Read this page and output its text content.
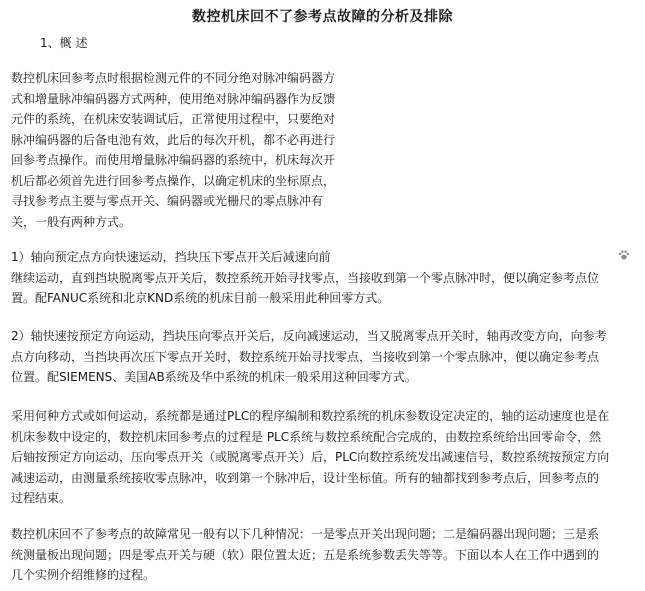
数控机床回不了参考点故障的分析及排除
1、概 述
数控机床回参考点时根据检测元件的不同分绝对脉冲编码器方
式和增量脉冲编码器方式两种，使用绝对脉冲编码器作为反馈
元件的系统，在机床安装调试后，正常使用过程中，只要绝对
脉冲编码器的后备电池有效，此后的每次开机，都不必再进行
回参考点操作。而使用增量脉冲编码器的系统中，机床每次开
机后都必须首先进行回参考点操作，以确定机床的坐标原点，
寻找参考点主要与零点开关、编码器或光栅尺的零点脉冲有
关，一般有两种方式。
1）轴向预定点方向快速运动，挡块压下零点开关后减速向前
继续运动，直到挡块脱离零点开关后，数控系统开始寻找零点，当接收到第一个零点脉冲时，便以确定参考点位
置。配FANUC系统和北京KND系统的机床目前一般采用此种回零方式。
2）轴快速按预定方向运动，挡块压向零点开关后，反向减速运动，当又脱离零点开关时，轴再改变方向，向参考
点方向移动，当挡块再次压下零点开关时，数控系统开始寻找零点，当接收到第一个零点脉冲，便以确定参考点
位置。配SIEMENS、美国AB系统及华中系统的机床一般采用这种回零方式。
采用何种方式或如何运动，系统都是通过PLC的程序编制和数控系统的机床参数设定决定的，轴的运动速度也是在
机床参数中设定的，数控机床回参考点的过程是 PLC系统与数控系统配合完成的，由数控系统给出回零命令，然
后轴按预定方向运动，压向零点开关（或脱离零点开关）后，PLC向数控系统发出减速信号，数控系统按预定方向
减速运动，由测量系统接收零点脉冲，收到第一个脉冲后，设计坐标值。所有的轴都找到参考点后，回参考点的
过程结束。
数控机床回不了参考点的故障常见一般有以下几种情况：一是零点开关出现问题；二是编码器出现问题；三是系
统测量板出现问题；四是零点开关与硬（软）限位置太近；五是系统参数丢失等等。下面以本人在工作中遇到的
几个实例介绍维修的过程。
